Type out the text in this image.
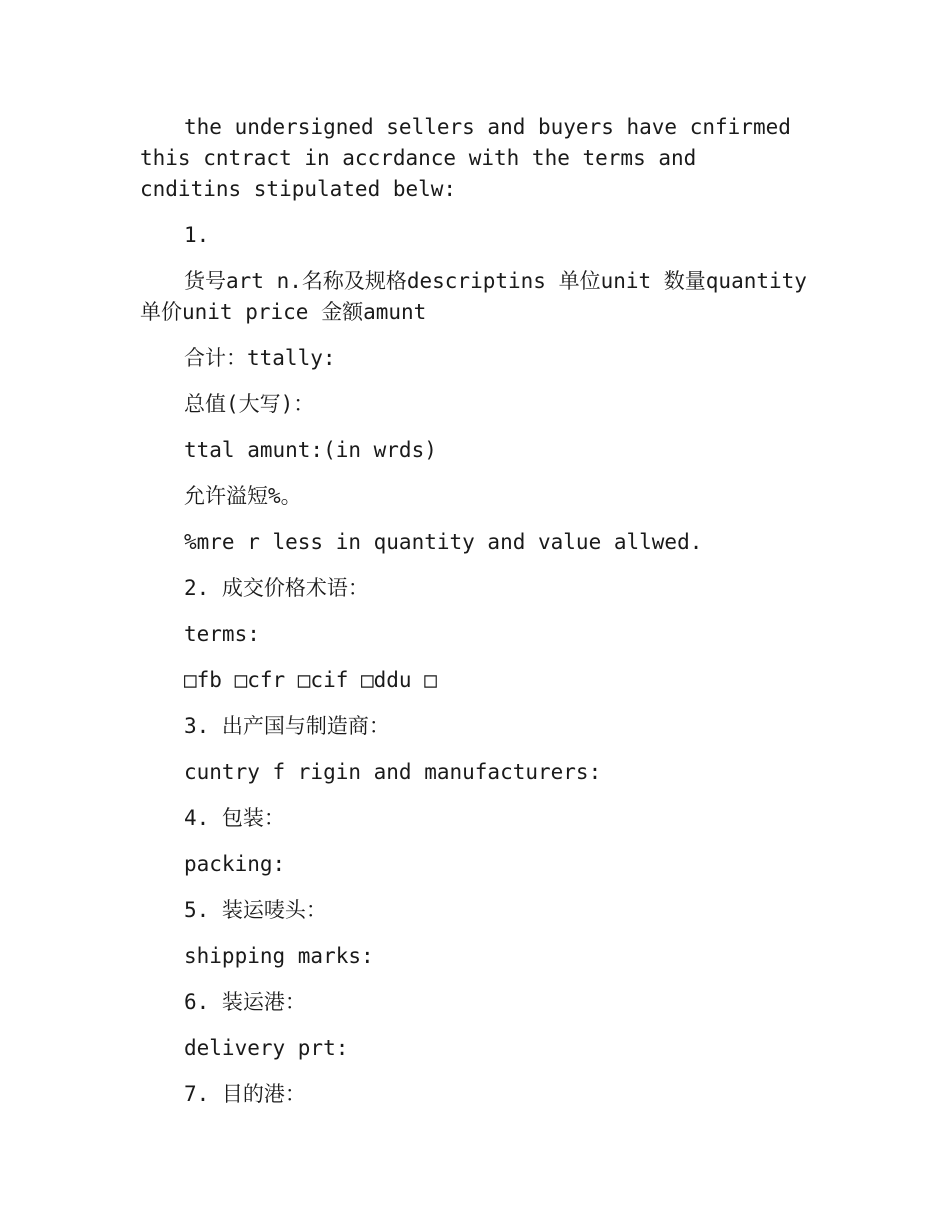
the undersigned sellers and buyers have cnfirmed this cntract in accrdance with the terms and cnditins stipulated belw:

1.

货号art n.名称及规格descriptins 单位unit 数量quantity 单价unit price 金额amunt

合计：ttally:

总值(大写)：

ttal amunt:(in wrds)

允许溢短%。

%mre r less in quantity and value allwed.

2. 成交价格术语：

terms:

□fb □cfr □cif □ddu □

3. 出产国与制造商：

cuntry f rigin and manufacturers:

4. 包装：

packing:

5. 装运唛头：

shipping marks:

6. 装运港：

delivery prt:

7. 目的港：
